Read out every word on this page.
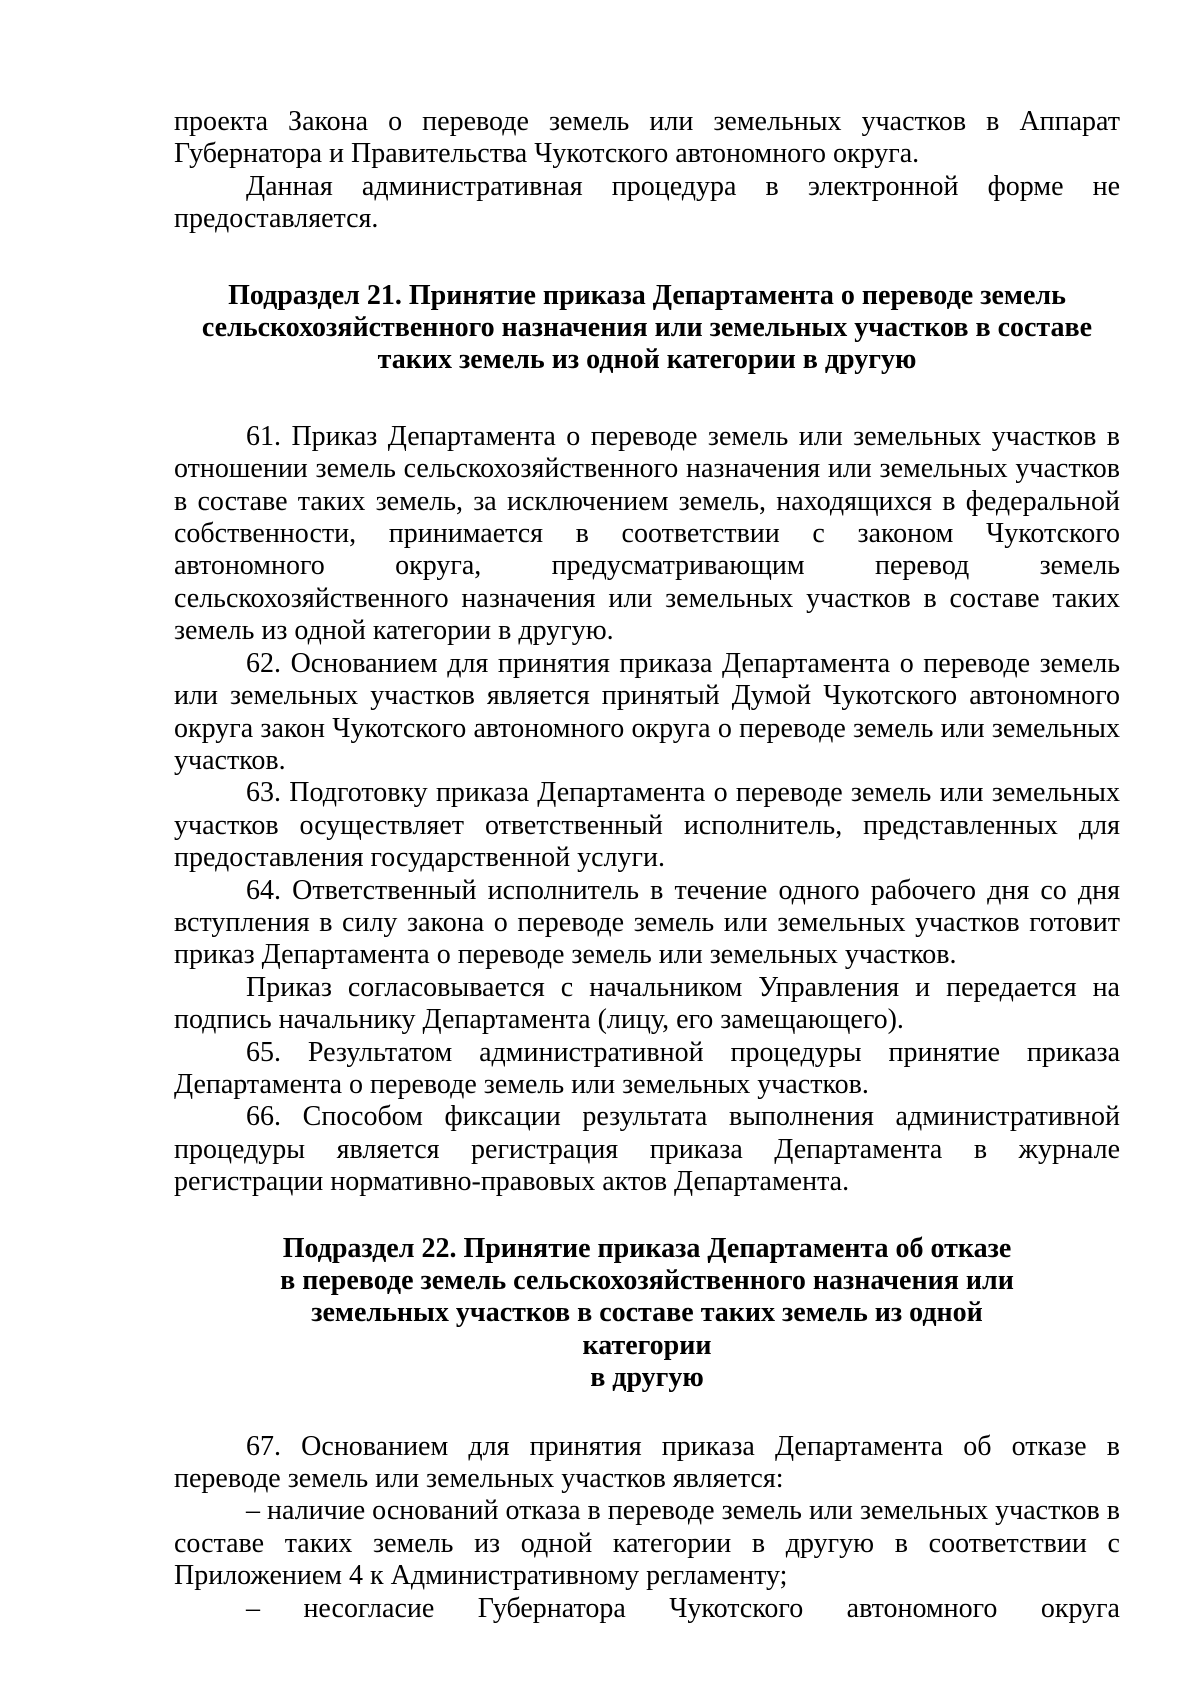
проекта Закона о переводе земель или земельных участков в Аппарат Губернатора и Правительства Чукотского автономного округа.

Данная административная процедура в электронной форме не предоставляется.

Подраздел 21. Принятие приказа Департамента о переводе земель
сельскохозяйственного назначения или земельных участков в составе
таких земель из одной категории в другую

61. Приказ Департамента о переводе земель или земельных участков в отношении земель сельскохозяйственного назначения или земельных участков в составе таких земель, за исключением земель, находящихся в федеральной собственности, принимается в соответствии с законом Чукотского автономного округа, предусматривающим перевод земель сельскохозяйственного назначения или земельных участков в составе таких земель из одной категории в другую.

62. Основанием для принятия приказа Департамента о переводе земель или земельных участков является принятый Думой Чукотского автономного округа закон Чукотского автономного округа о переводе земель или земельных участков.

63. Подготовку приказа Департамента о переводе земель или земельных участков осуществляет ответственный исполнитель, представленных для предоставления государственной услуги.

64. Ответственный исполнитель в течение одного рабочего дня со дня вступления в силу закона о переводе земель или земельных участков готовит приказ Департамента о переводе земель или земельных участков.

Приказ согласовывается с начальником Управления и передается на подпись начальнику Департамента (лицу, его замещающего).

65. Результатом административной процедуры принятие приказа Департамента о переводе земель или земельных участков.

66. Способом фиксации результата выполнения административной процедуры является регистрация приказа Департамента в журнале регистрации нормативно-правовых актов Департамента.

Подраздел 22. Принятие приказа Департамента об отказе
в переводе земель сельскохозяйственного назначения или
земельных участков в составе таких земель из одной категории
в другую

67. Основанием для принятия приказа Департамента об отказе в переводе земель или земельных участков является:

– наличие оснований отказа в переводе земель или земельных участков в составе таких земель из одной категории в другую в соответствии с Приложением 4 к Административному регламенту;

– несогласие Губернатора Чукотского автономного округа
